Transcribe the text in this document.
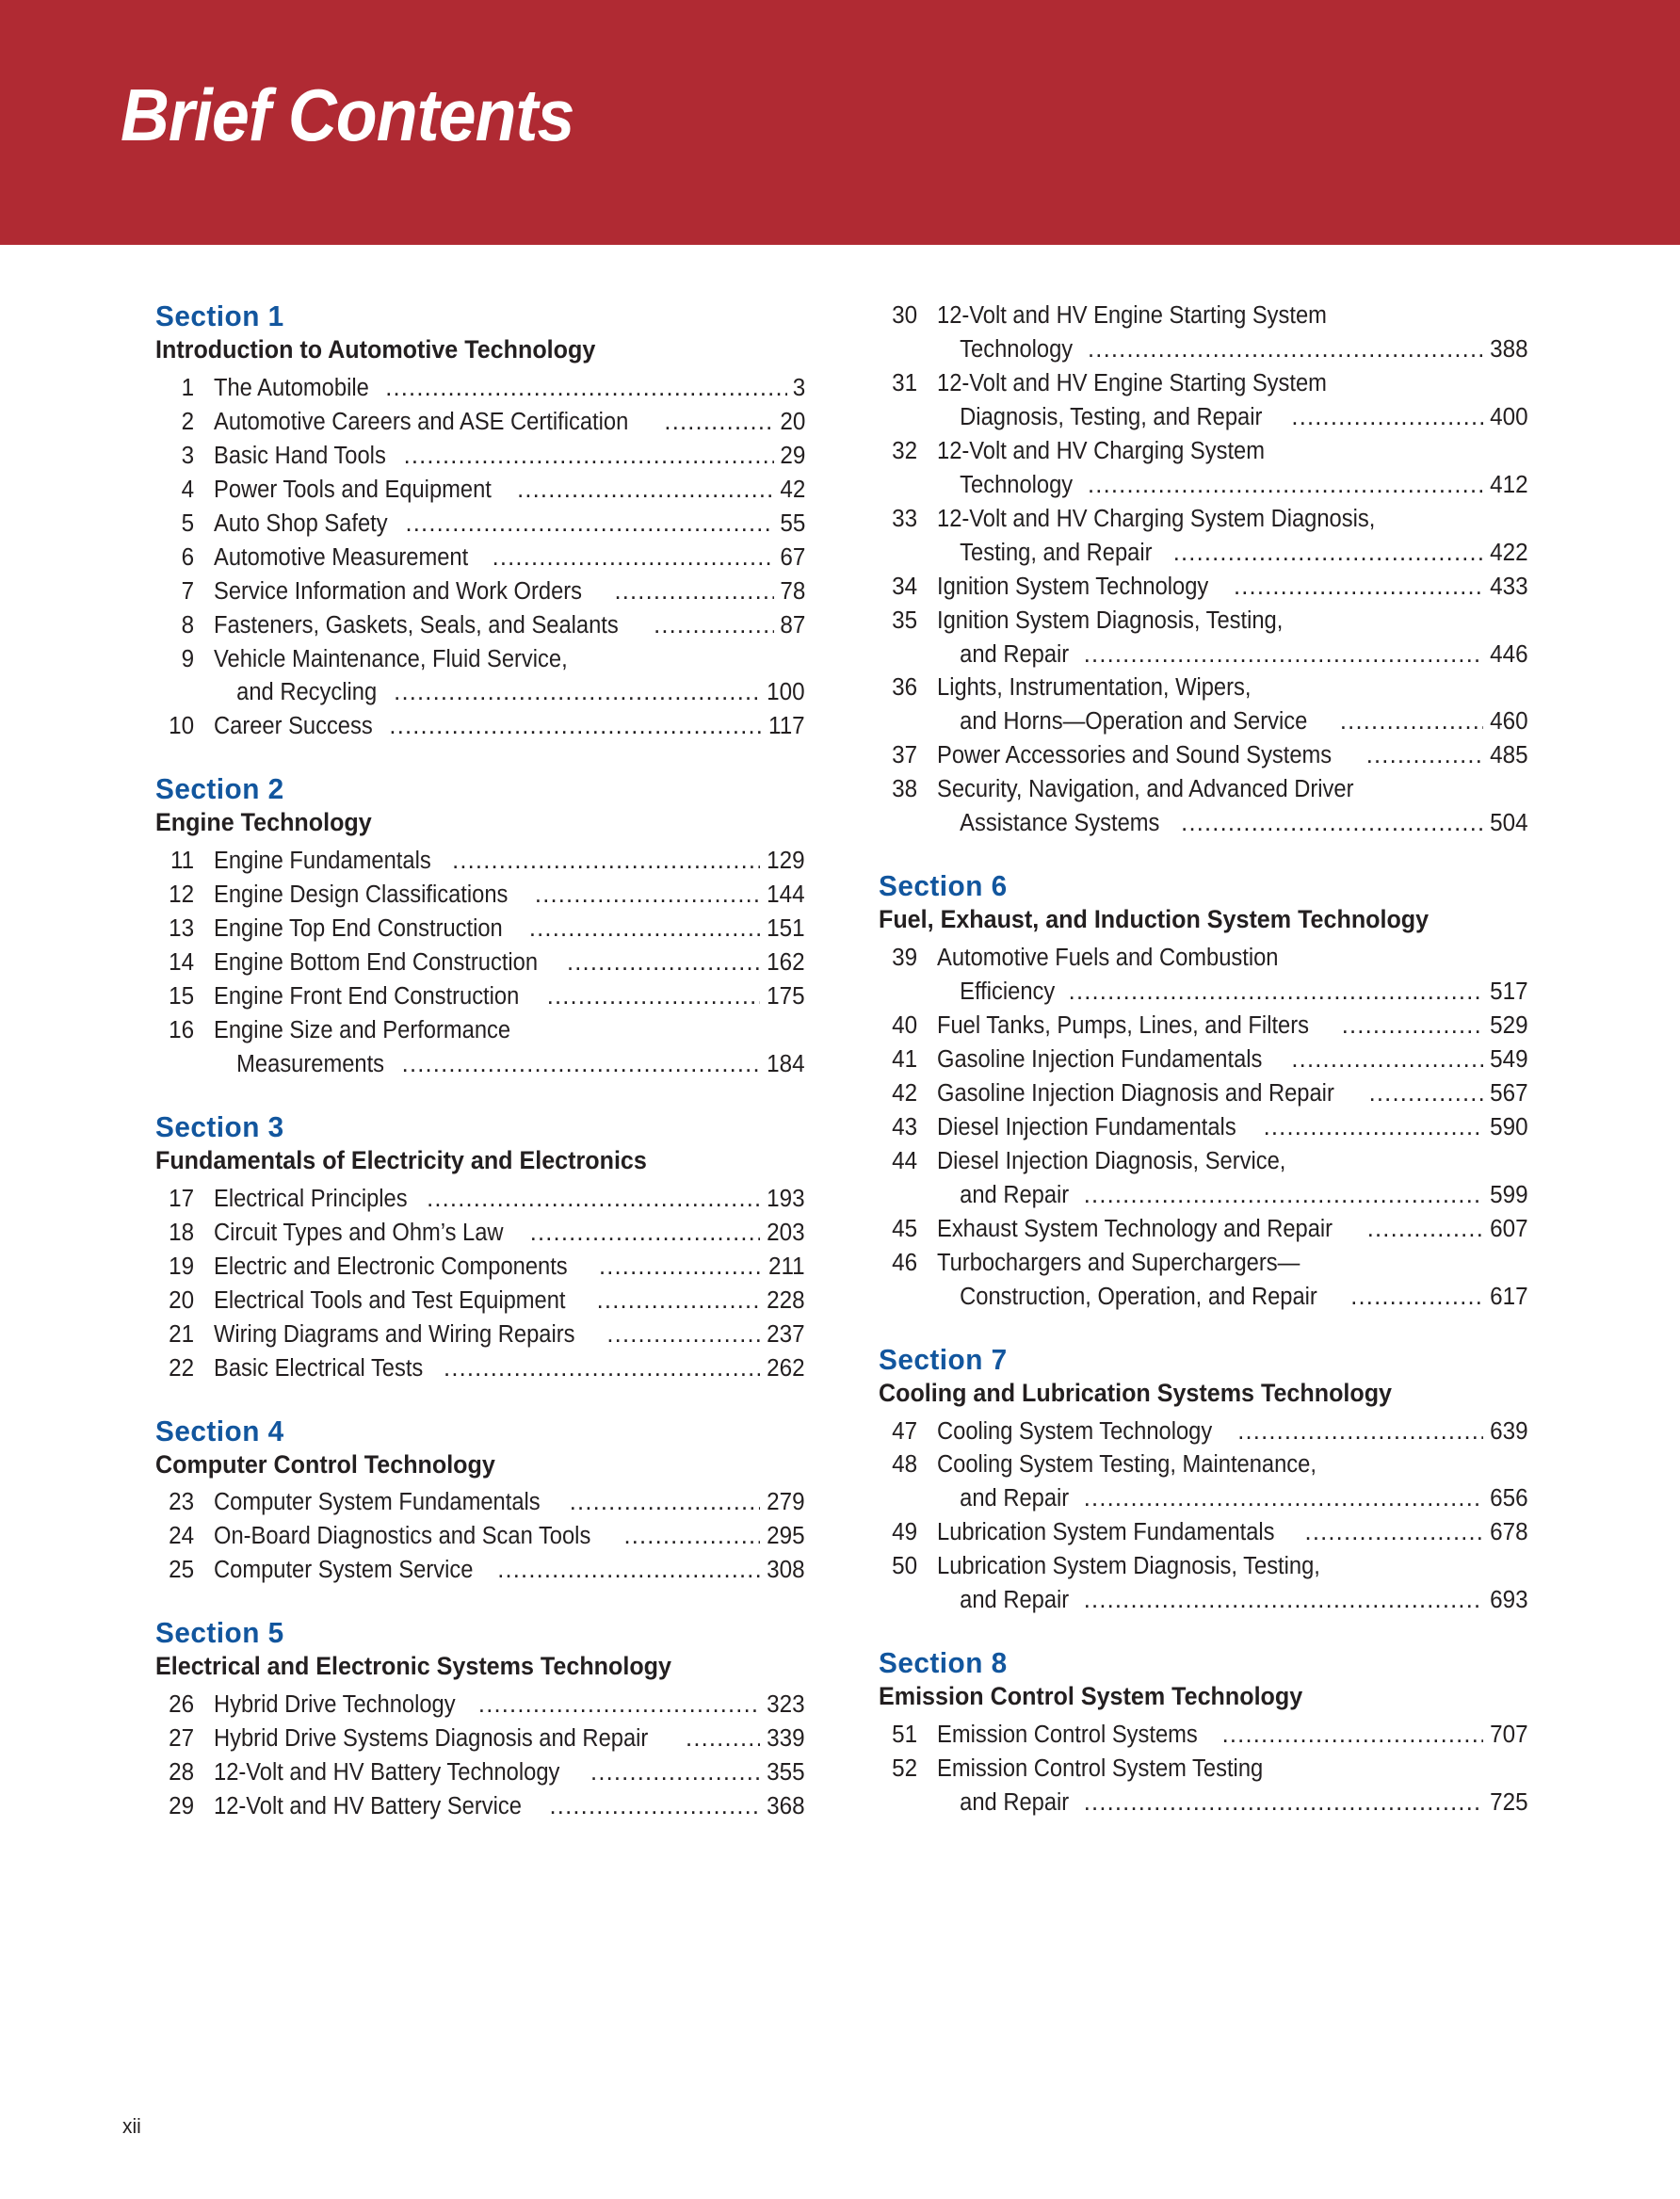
Brief Contents
Section 1
Introduction to Automotive Technology
1 The Automobile .....	3
2 Automotive Careers and ASE Certification .....	20
3 Basic Hand Tools .....	29
4 Power Tools and Equipment .....	42
5 Auto Shop Safety .....	55
6 Automotive Measurement .....	67
7 Service Information and Work Orders .....	78
8 Fasteners, Gaskets, Seals, and Sealants .....	87
9 Vehicle Maintenance, Fluid Service,
and Recycling .....	100
10 Career Success .....	117
Section 2
Engine Technology
11 Engine Fundamentals .....	129
12 Engine Design Classifications .....	144
13 Engine Top End Construction .....	151
14 Engine Bottom End Construction .....	162
15 Engine Front End Construction .....	175
16 Engine Size and Performance
Measurements .....	184
Section 3
Fundamentals of Electricity and Electronics
17 Electrical Principles .....	193
18 Circuit Types and Ohm’s Law .....	203
19 Electric and Electronic Components .....	211
20 Electrical Tools and Test Equipment .....	228
21 Wiring Diagrams and Wiring Repairs .....	237
22 Basic Electrical Tests .....	262
Section 4
Computer Control Technology
23 Computer System Fundamentals .....	279
24 On-Board Diagnostics and Scan Tools .....	295
25 Computer System Service .....	308
Section 5
Electrical and Electronic Systems Technology
26 Hybrid Drive Technology .....	323
27 Hybrid Drive Systems Diagnosis and Repair .....	339
28 12-Volt and HV Battery Technology .....	355
29 12-Volt and HV Battery Service .....	368
30 12-Volt and HV Engine Starting System
Technology .....	388
31 12-Volt and HV Engine Starting System
Diagnosis, Testing, and Repair .....	400
32 12-Volt and HV Charging System
Technology .....	412
33 12-Volt and HV Charging System Diagnosis,
Testing, and Repair .....	422
34 Ignition System Technology .....	433
35 Ignition System Diagnosis, Testing,
and Repair .....	446
36 Lights, Instrumentation, Wipers,
and Horns—Operation and Service .....	460
37 Power Accessories and Sound Systems .....	485
38 Security, Navigation, and Advanced Driver
Assistance Systems .....	504
Section 6
Fuel, Exhaust, and Induction System Technology
39 Automotive Fuels and Combustion
Efficiency .....	517
40 Fuel Tanks, Pumps, Lines, and Filters .....	529
41 Gasoline Injection Fundamentals .....	549
42 Gasoline Injection Diagnosis and Repair .....	567
43 Diesel Injection Fundamentals .....	590
44 Diesel Injection Diagnosis, Service,
and Repair .....	599
45 Exhaust System Technology and Repair .....	607
46 Turbochargers and Superchargers—
Construction, Operation, and Repair .....	617
Section 7
Cooling and Lubrication Systems Technology
47 Cooling System Technology .....	639
48 Cooling System Testing, Maintenance,
and Repair .....	656
49 Lubrication System Fundamentals .....	678
50 Lubrication System Diagnosis, Testing,
and Repair .....	693
Section 8
Emission Control System Technology
51 Emission Control Systems .....	707
52 Emission Control System Testing
and Repair .....	725
xii
